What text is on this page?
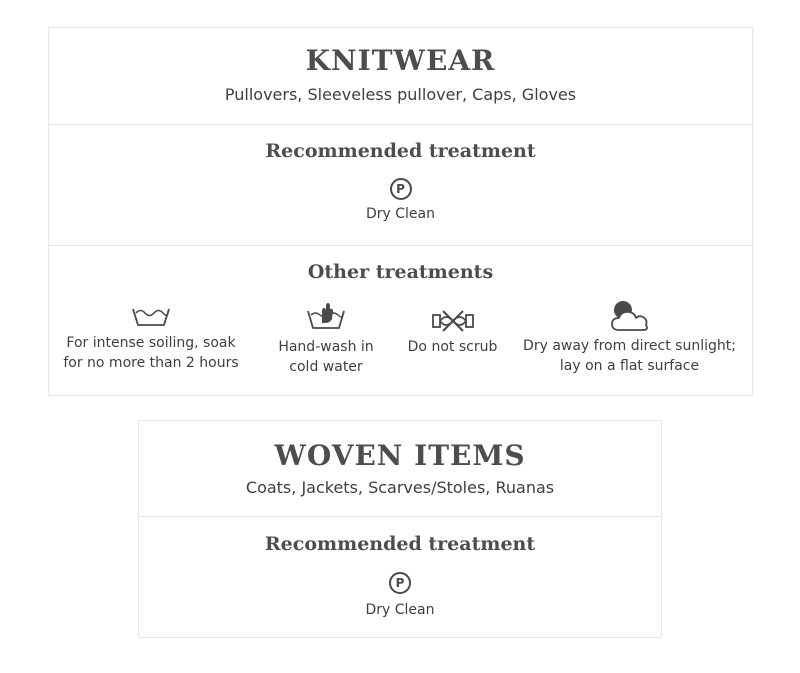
KNITWEAR

Pullovers, Sleeveless pullover, Caps, Gloves

Recommended treatment
P
Dry Clean
Other treatments
For intense soiling, soak
for no more than 2 hours
Hand-wash in
cold water
Do not scrub	Dry away from direct sunlight;
lay on a flat surface
WOVEN ITEMS

Coats, Jackets, Scarves/Stoles, Ruanas

Recommended treatment
P
Dry Clean
